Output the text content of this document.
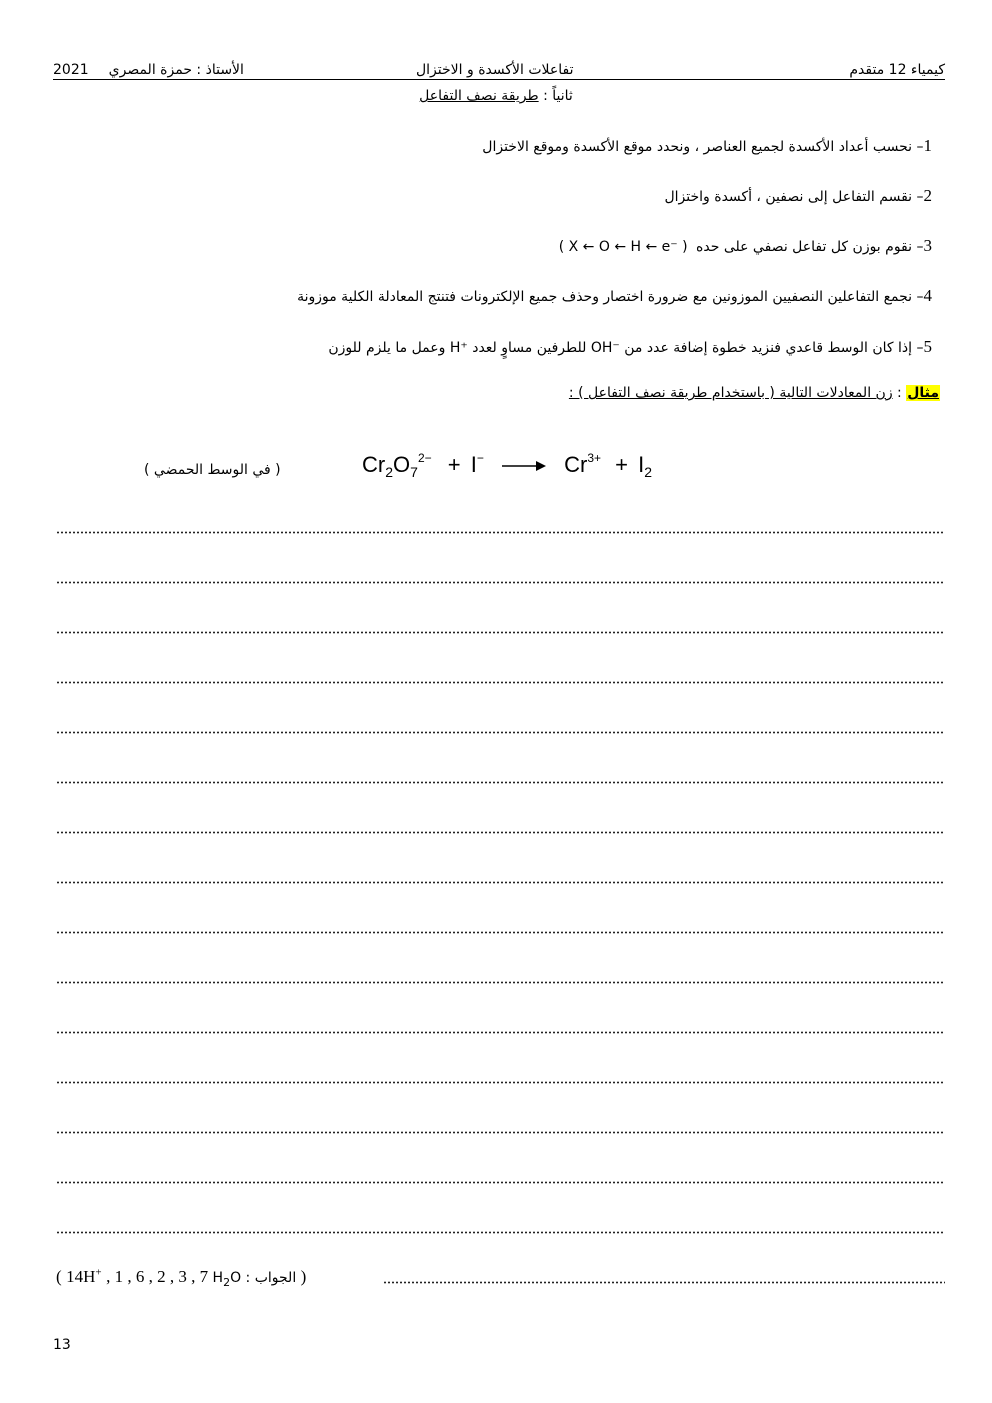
كيمياء 12 متقدم
تفاعلات الأكسدة و الاختزال
2021 الأستاذ : حمزة المصري
ثانياً : طريقة نصف التفاعل
1– نحسب أعداد الأكسدة لجميع العناصر ، ونحدد موقع الأكسدة وموقع الاختزال
2– نقسم التفاعل إلى نصفين ، أكسدة واختزال
3– نقوم بوزن كل تفاعل نصفي على حده ( X ← O ← H ← e⁻ )
4– نجمع التفاعلين النصفيين الموزونين مع ضرورة اختصار وحذف جميع الإلكترونات فتنتج المعادلة الكلية موزونة
5– إذا كان الوسط قاعدي فنزيد خطوة إضافة عدد من OH⁻ للطرفين مساوٍ لعدد H⁺ وعمل ما يلزم للوزن
مثال : زن المعادلات التالية ( باستخدام طريقة نصف التفاعل ) :
$Cr_2O_7^{2-} + I^- \to Cr^{3+} + I_2$
( في الوسط الحمضي )
( 14H+ , 1 , 6 , 2 , 3 , 7 $H_2O$ الجواب : )
13
